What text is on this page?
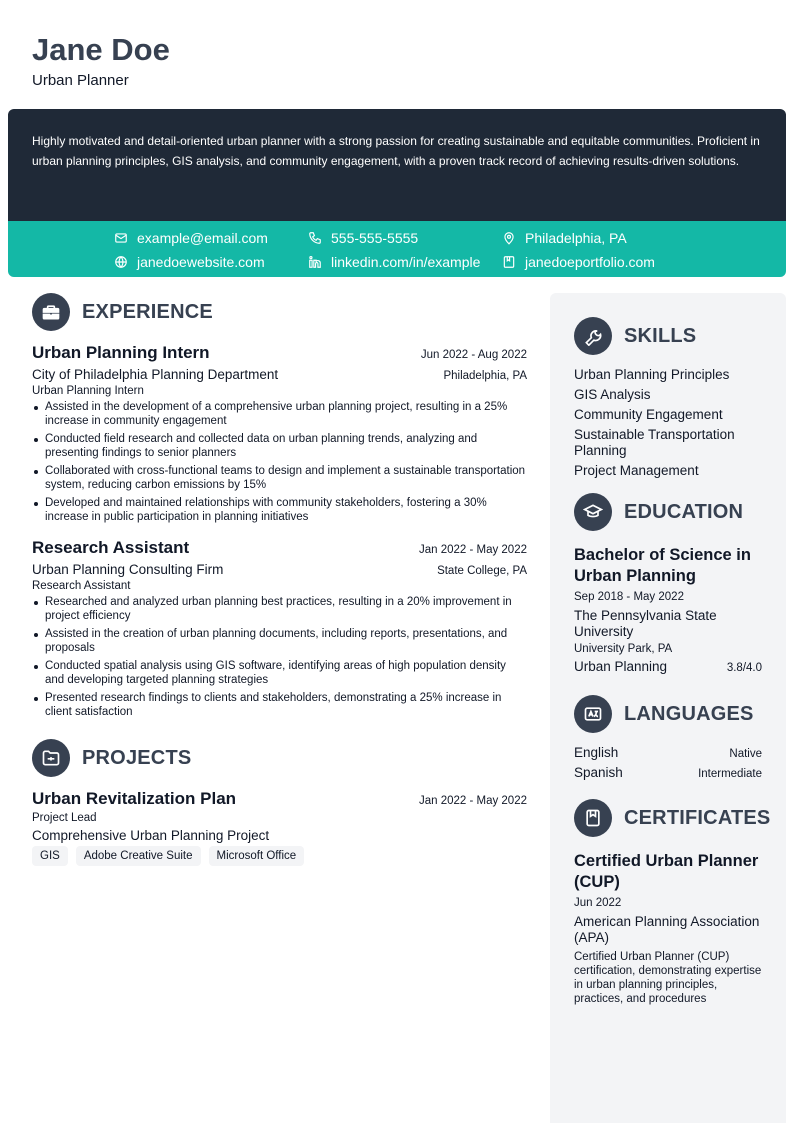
Jane Doe
Urban Planner
Highly motivated and detail-oriented urban planner with a strong passion for creating sustainable and equitable communities. Proficient in urban planning principles, GIS analysis, and community engagement, with a proven track record of achieving results-driven solutions.
example@email.com	555-555-5555	Philadelphia, PA
janedoewebsite.com	linkedin.com/in/example	janedoeportfolio.com
EXPERIENCE
Urban Planning Intern	Jun 2022 - Aug 2022
City of Philadelphia Planning Department	Philadelphia, PA
Urban Planning Intern
Assisted in the development of a comprehensive urban planning project, resulting in a 25% increase in community engagement
Conducted field research and collected data on urban planning trends, analyzing and presenting findings to senior planners
Collaborated with cross-functional teams to design and implement a sustainable transportation system, reducing carbon emissions by 15%
Developed and maintained relationships with community stakeholders, fostering a 30% increase in public participation in planning initiatives
Research Assistant	Jan 2022 - May 2022
Urban Planning Consulting Firm	State College, PA
Research Assistant
Researched and analyzed urban planning best practices, resulting in a 20% improvement in project efficiency
Assisted in the creation of urban planning documents, including reports, presentations, and proposals
Conducted spatial analysis using GIS software, identifying areas of high population density and developing targeted planning strategies
Presented research findings to clients and stakeholders, demonstrating a 25% increase in client satisfaction
PROJECTS
Urban Revitalization Plan	Jan 2022 - May 2022
Project Lead
Comprehensive Urban Planning Project
GIS	Adobe Creative Suite	Microsoft Office
SKILLS
Urban Planning Principles
GIS Analysis
Community Engagement
Sustainable Transportation Planning
Project Management
EDUCATION
Bachelor of Science in Urban Planning
Sep 2018 - May 2022
The Pennsylvania State University
University Park, PA
Urban Planning	3.8/4.0
LANGUAGES
English	Native
Spanish	Intermediate
CERTIFICATES
Certified Urban Planner (CUP)
Jun 2022
American Planning Association (APA)
Certified Urban Planner (CUP) certification, demonstrating expertise in urban planning principles, practices, and procedures
